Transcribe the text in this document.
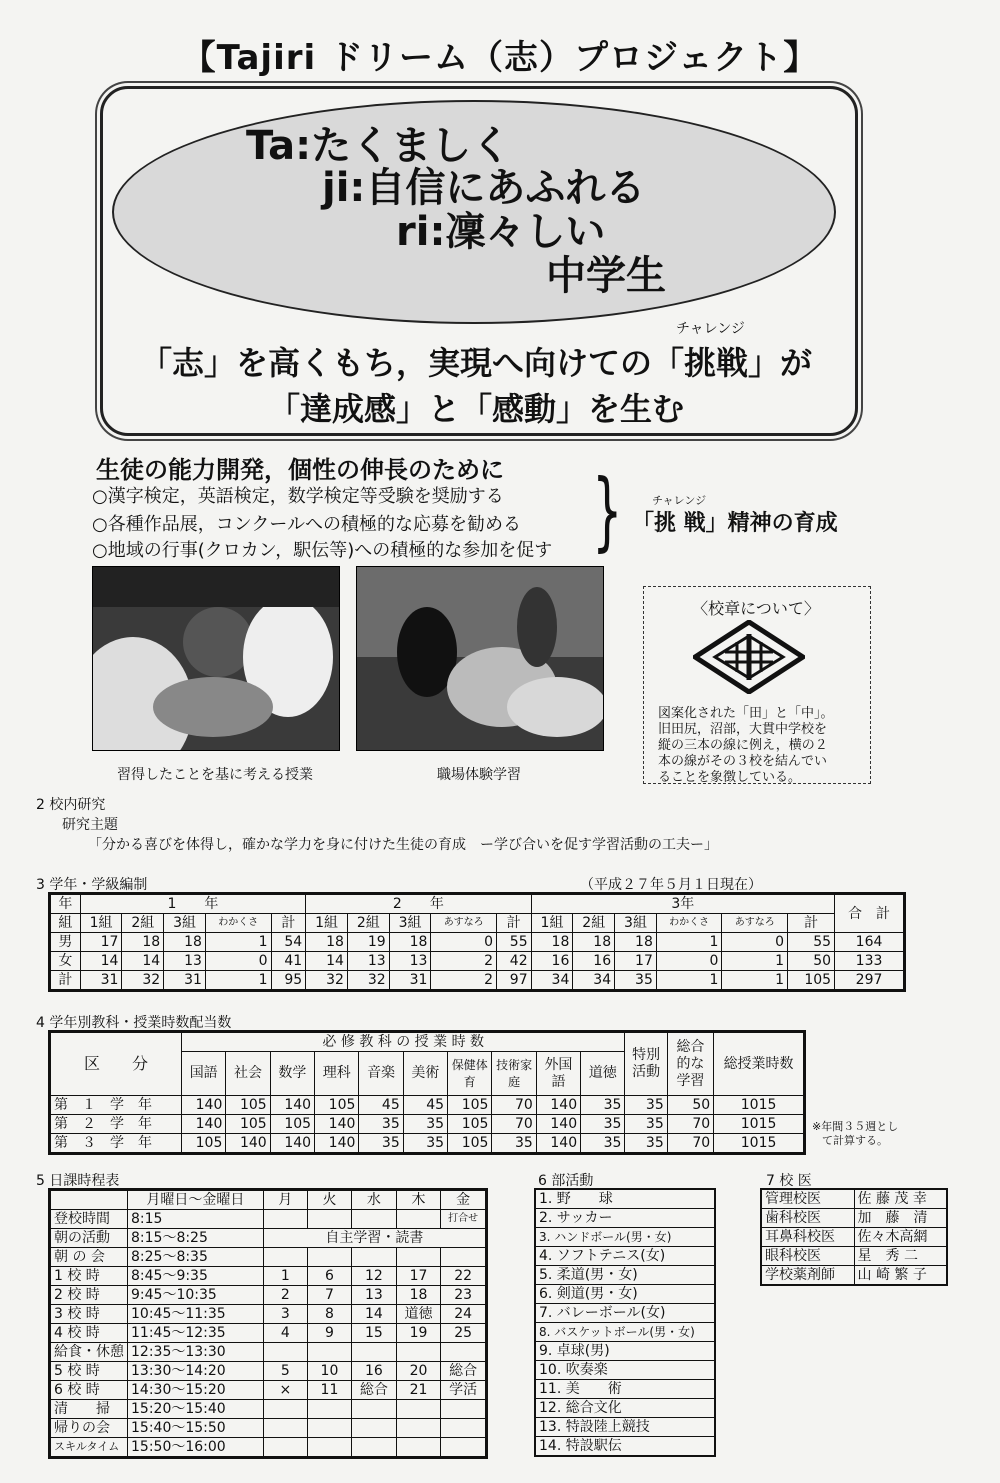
【Tajiri ドリーム（志）プロジェクト】
Ta:たくましく
ji:自信にあふれる
ri:凜々しい
中学生
チャレンジ
「志」を高くもち，実現へ向けての「挑戦」が
「達成感」と「感動」を生む
生徒の能力開発，個性の伸長のために
○漢字検定，英語検定，数学検定等受験を奨励する
○各種作品展，コンクールへの積極的な応募を勧める
○地域の行事(クロカン，駅伝等)への積極的な参加を促す }	チャレンジ
「挑 戦」精神の育成
習得したことを基に考える授業	職場体験学習
〈校章について〉
図案化された「田」と「中」。
旧田尻，沼部，大貫中学校を
縦の三本の線に例え，横の２
本の線がその３校を結んでい
ることを象徴している。
2 校内研究
研究主題
「分かる喜びを体得し，確かな学力を身に付けた生徒の育成　ー学び合いを促す学習活動の工夫ー」
3 学年・学級編制	（平成２７年５月１日現在）
年	1　　年					2　　年					3年						合　計
組	1組	2組	3組	わかくさ	計	1組	2組	3組	あすなろ	計	1組	2組	3組	わかくさ	あすなろ	計	
男	17	18	18	1	54	18	19	18	0	55	18	18	18	1	0	55	164
女	14	14	13	0	41	14	13	13	2	42	16	16	17	0	1	50	133
計	31	32	31	1	95	32	32	31	2	97	34	34	35	1	1	105	297
4 学年別教科・授業時数配当数
区　　分	必 修 教 科 の 授 業 時 数										特別活動	総合的な学習	総授業時数
	国語	社会	数学	理科	音楽	美術	保健体育	技術家庭	外国語	道徳			
第　１　学　年	140	105	140	105	45	45	105	70	140	35	35	50	1015
第　２　学　年	140	105	105	140	35	35	105	70	140	35	35	70	1015
第　３　学　年	105	140	140	140	35	35	105	35	140	35	35	70	1015
※年間３５週とし
て計算する。
5 日課時程表
	月曜日～金曜日	月	火	水	木	金
登校時間	8:15					打合せ
朝の活動	8:15～8:25	自主学習・読書				
朝 の 会	8:25～8:35					
1 校 時	8:45～9:35	1	6	12	17	22
2 校 時	9:45～10:35	2	7	13	18	23
3 校 時	10:45～11:35	3	8	14	道徳	24
4 校 時	11:45～12:35	4	9	15	19	25
給食・休憩	12:35～13:30					
5 校 時	13:30～14:20	5	10	16	20	総合
6 校 時	14:30～15:20	×	11	総合	21	学活
清　　掃	15:20～15:40					
帰りの会	15:40～15:50					
スキルタイム	15:50～16:00					
6 部活動
1. 野　　球
2. サッカー
3. ハンドボール(男・女)
4. ソフトテニス(女)
5. 柔道(男・女)
6. 剣道(男・女)
7. バレーボール(女)
8. バスケットボール(男・女)
9. 卓球(男)
10. 吹奏楽
11. 美　　術
12. 総合文化
13. 特設陸上競技
14. 特設駅伝
7 校 医
管理校医	佐 藤 茂 幸
歯科校医	加　藤　清
耳鼻科校医	佐々木高網
眼科校医	星　秀 二
学校薬剤師	山 崎 繁 子
